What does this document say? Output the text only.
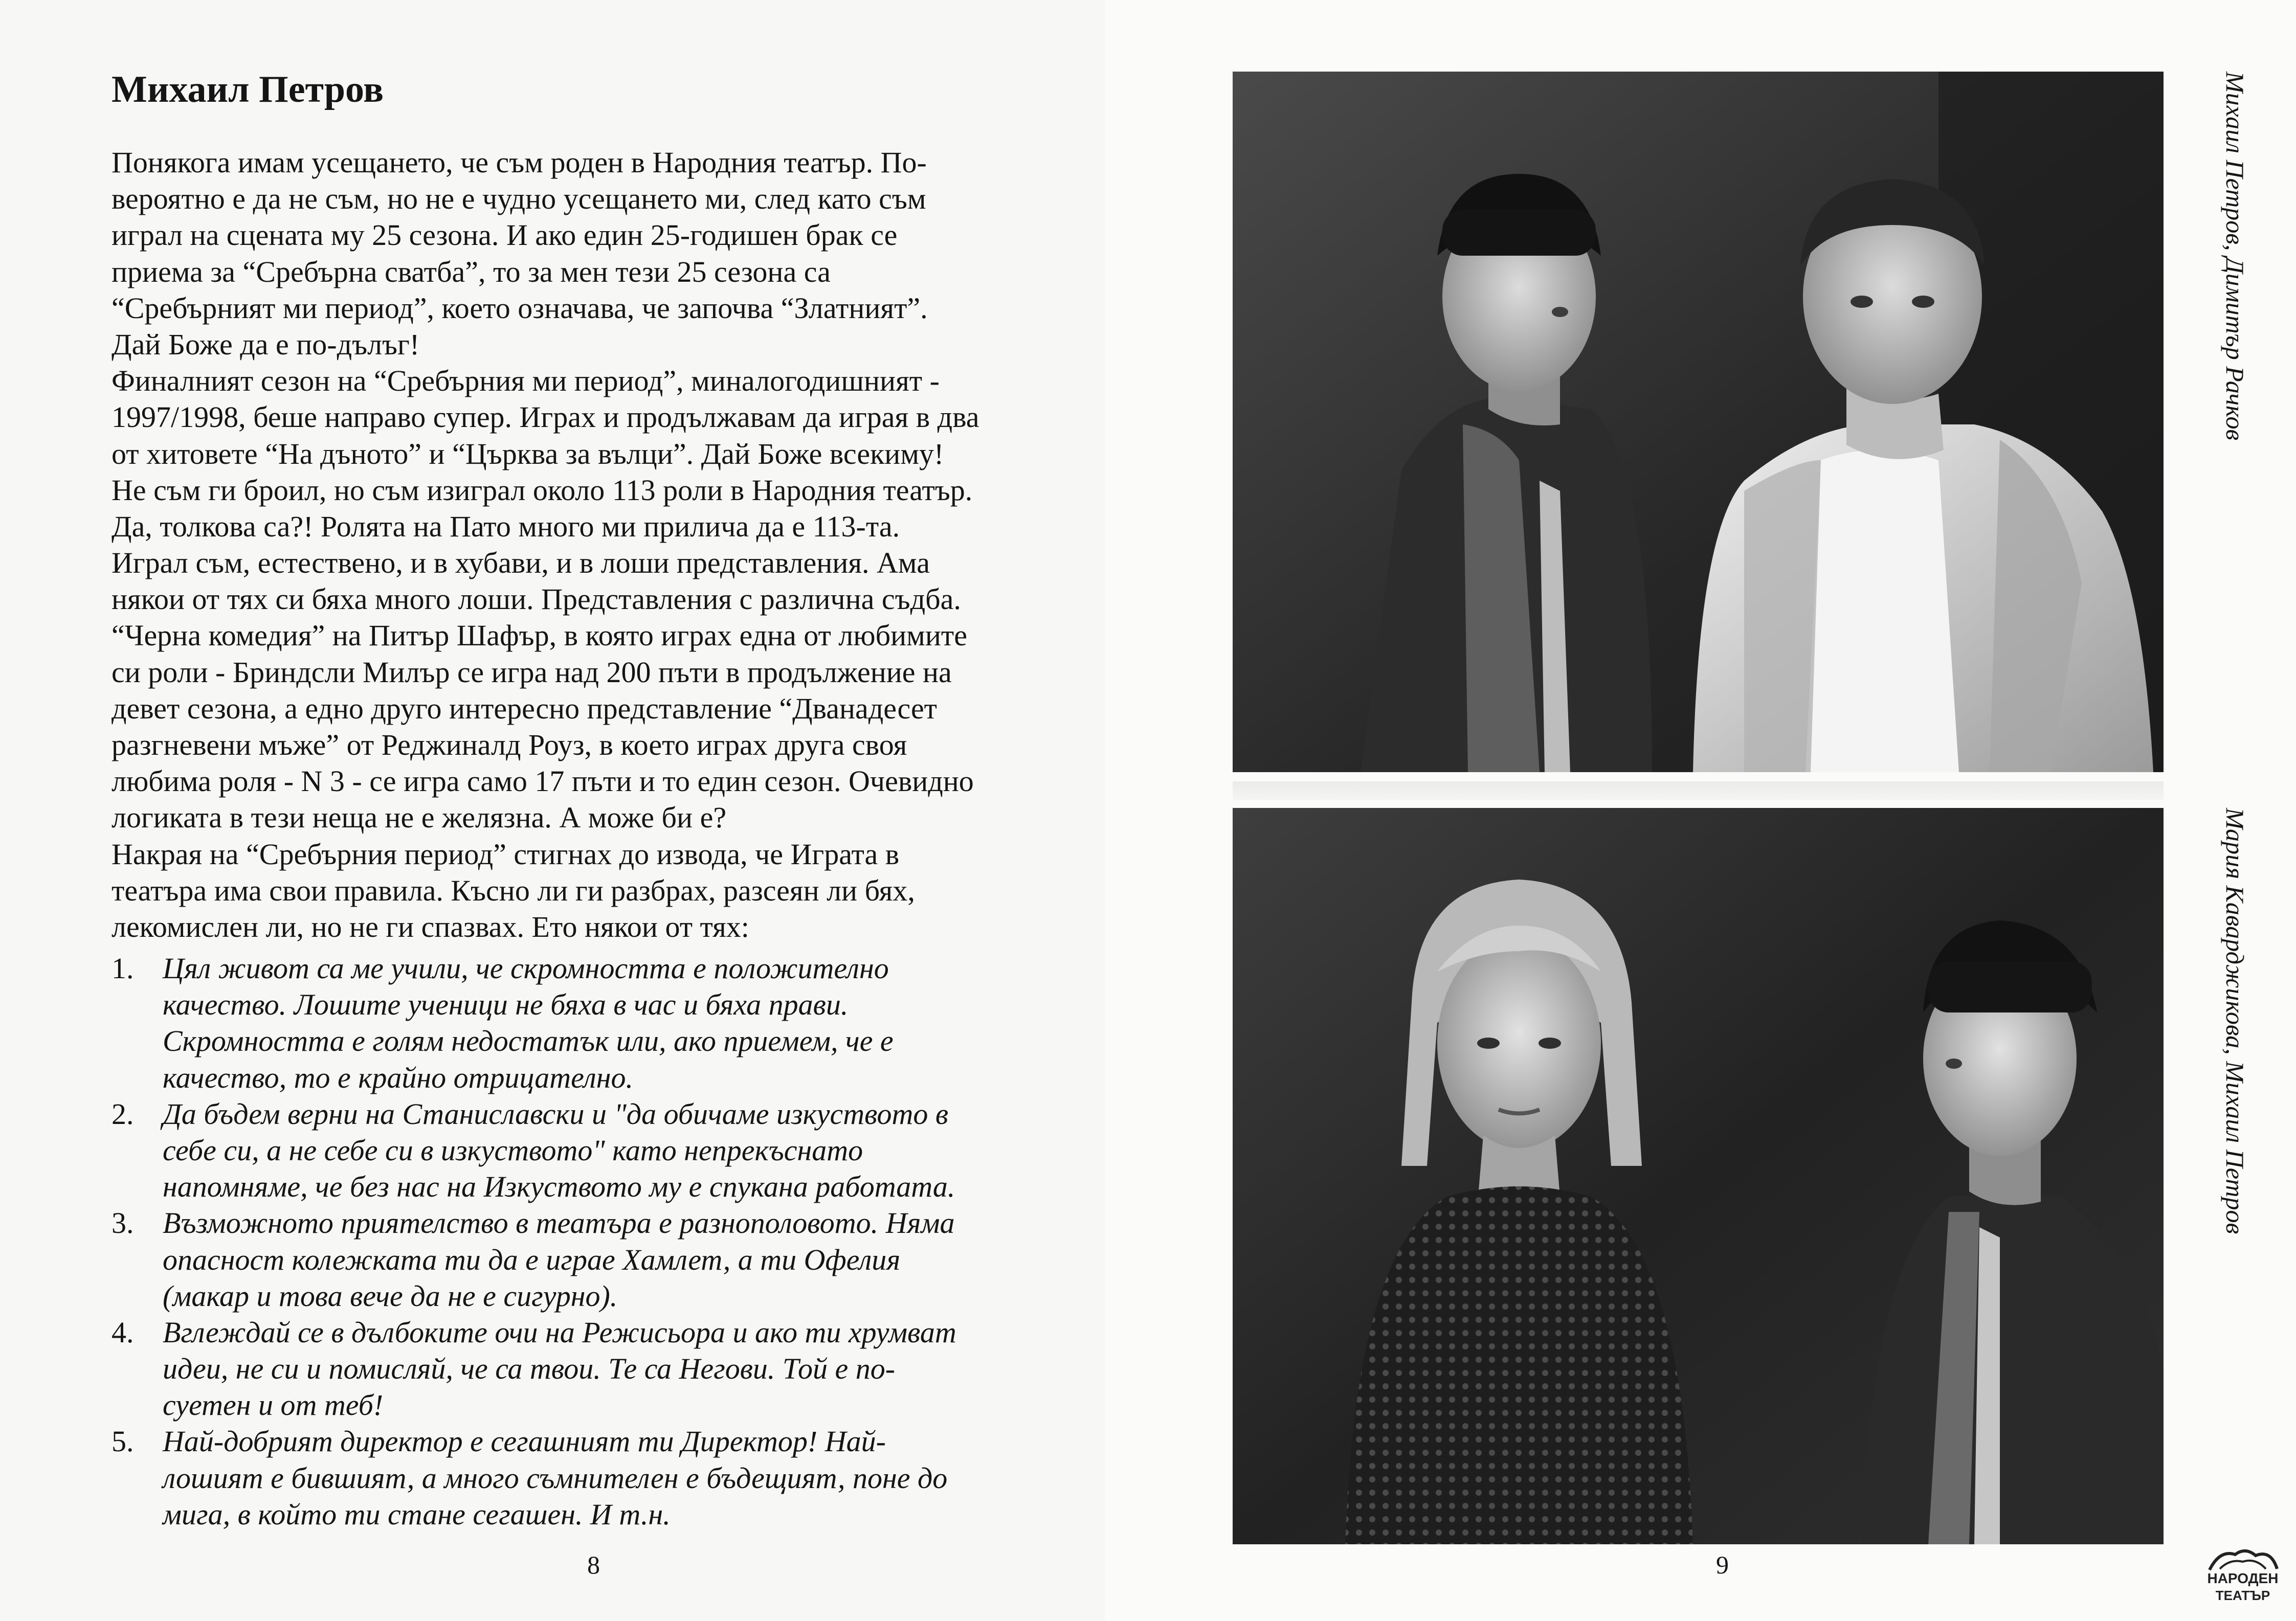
Михаил Петров
Понякога имам усещането, че съм роден в Народния театър. По-
вероятно е да не съм, но не е чудно усещането ми, след като съм
играл на сцената му 25 сезона. И ако един 25-годишен брак се
приема за “Сребърна сватба”, то за мен тези 25 сезона са
“Сребърният ми период”, което означава, че започва “Златният”.
Дай Боже да е по-дълъг!
Финалният сезон на “Сребърния ми период”, миналогодишният -
1997/1998, беше направо супер. Играх и продължавам да играя в два
от хитовете “На дъното” и “Църква за вълци”. Дай Боже всекиму!
Не съм ги броил, но съм изиграл около 113 роли в Народния театър.
Да, толкова са?! Ролята на Пато много ми прилича да е 113-та.
Играл съм, естествено, и в хубави, и в лоши представления. Ама
някои от тях си бяха много лоши. Представления с различна съдба.
“Черна комедия” на Питър Шафър, в която играх една от любимите
си роли - Бриндсли Милър се игра над 200 пъти в продължение на
девет сезона, а едно друго интересно представление “Дванадесет
разгневени мъже” от Реджиналд Роуз, в което играх друга своя
любима роля - N 3 - се игра само 17 пъти и то един сезон. Очевидно
логиката в тези неща не е желязна. А може би е?
Накрая на “Сребърния период” стигнах до извода, че Играта в
театъра има свои правила. Късно ли ги разбрах, разсеян ли бях,
лекомислен ли, но не ги спазвах. Ето някои от тях:
1. Цял живот са ме учили, че скромността е положително
качество. Лошите ученици не бяха в час и бяха прави.
Скромността е голям недостатък или, ако приемем, че е
качество, то е крайно отрицателно.
2. Да бъдем верни на Станиславски и "да обичаме изкуството в
себе си, а не себе си в изкуството" като непрекъснато
напомняме, че без нас на Изкуството му е спукана работата.
3. Възможното приятелство в театъра е разнополовото. Няма
опасност колежката ти да е играе Хамлет, а ти Офелия
(макар и това вече да не е сигурно).
4. Вглеждай се в дълбоките очи на Режисьора и ако ти хрумват
идеи, не си и помисляй, че са твои. Те са Негови. Той е по-
суетен и от теб!
5. Най-добрият директор е сегашният ти Директор! Най-
лошият е бившият, а много съмнителен е бъдещият, поне до
мига, в който ти стане сегашен. И т.н.
8
Михаил Петров, Димитър Рачков
Мария Каварджикова, Михаил Петров
9	НАРОДЕН
ТЕАТЪР
